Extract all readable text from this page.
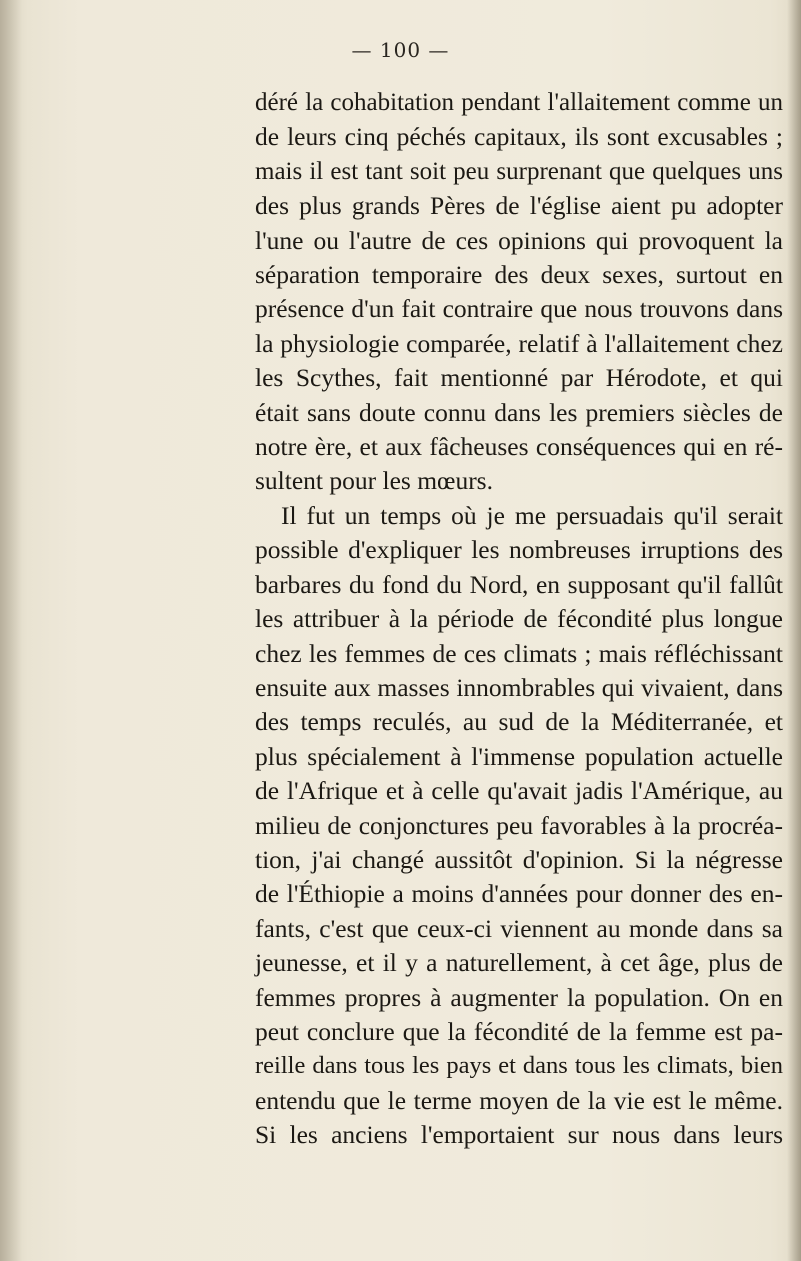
— 100 —

déré la cohabitation pendant l'allaitement comme un
de leurs cinq péchés capitaux, ils sont excusables ;
mais il est tant soit peu surprenant que quelques uns
des plus grands Pères de l'église aient pu adopter
l'une ou l'autre de ces opinions qui provoquent la
séparation temporaire des deux sexes, surtout en
présence d'un fait contraire que nous trouvons dans
la physiologie comparée, relatif à l'allaitement chez
les Scythes, fait mentionné par Hérodote, et qui
était sans doute connu dans les premiers siècles de
notre ère, et aux fâcheuses conséquences qui en ré-
sultent pour les mœurs.
Il fut un temps où je me persuadais qu'il serait
possible d'expliquer les nombreuses irruptions des
barbares du fond du Nord, en supposant qu'il fallût
les attribuer à la période de fécondité plus longue
chez les femmes de ces climats ; mais réfléchissant
ensuite aux masses innombrables qui vivaient, dans
des temps reculés, au sud de la Méditerranée, et
plus spécialement à l'immense population actuelle
de l'Afrique et à celle qu'avait jadis l'Amérique, au
milieu de conjonctures peu favorables à la procréa-
tion, j'ai changé aussitôt d'opinion. Si la négresse
de l'Éthiopie a moins d'années pour donner des en-
fants, c'est que ceux-ci viennent au monde dans sa
jeunesse, et il y a naturellement, à cet âge, plus de
femmes propres à augmenter la population. On en
peut conclure que la fécondité de la femme est pa-
reille dans tous les pays et dans tous les climats, bien
entendu que le terme moyen de la vie est le même.
Si les anciens l'emportaient sur nous dans leurs
